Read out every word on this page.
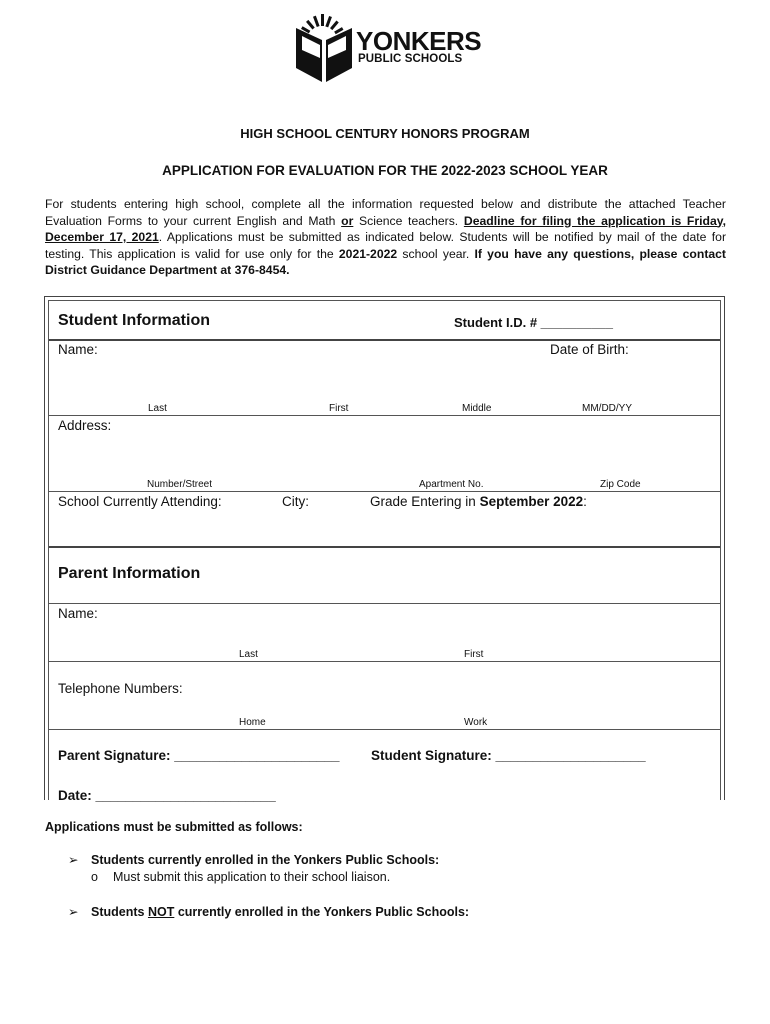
YONKERS
PUBLIC SCHOOLS
HIGH SCHOOL CENTURY HONORS PROGRAM
APPLICATION FOR EVALUATION FOR THE 2022-2023 SCHOOL YEAR
For students entering high school, complete all the information requested below and distribute the attached Teacher Evaluation Forms to your current English and Math or Science teachers. Deadline for filing the application is Friday, December 17, 2021. Applications must be submitted as indicated below. Students will be notified by mail of the date for testing. This application is valid for use only for the 2021-2022 school year. If you have any questions, please contact District Guidance Department at 376-8454.
Student Information	Student I.D. # __________
Name:	Date of Birth:
Last	First	Middle	MM/DD/YY
Address:
Number/Street	Apartment No.	Zip Code
School Currently Attending:	City:	Grade Entering in September 2022:
Parent Information
Name:
Last	First
Telephone Numbers:
Home	Work
Parent Signature: ______________________ Student Signature: ____________________
Date: ________________________
Applications must be submitted as follows:
➢ Students currently enrolled in the Yonkers Public Schools:
o Must submit this application to their school liaison.
➢ Students NOT currently enrolled in the Yonkers Public Schools:
